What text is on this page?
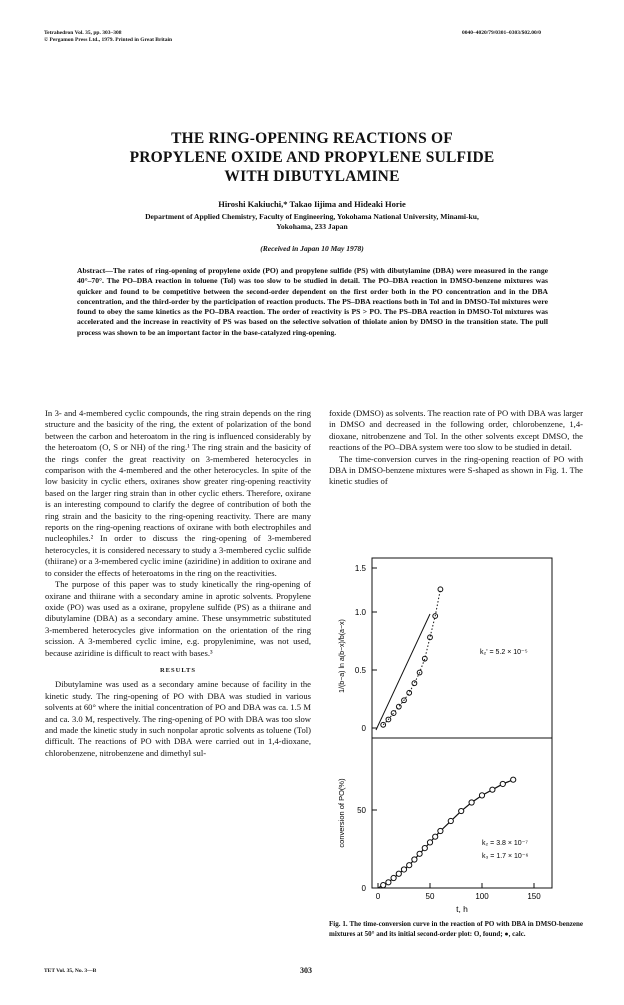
Tetrahedron Vol. 35, pp. 303–308
© Pergamon Press Ltd., 1979. Printed in Great Britain
0040–4020/79/0301–0303/$02.00/0
THE RING-OPENING REACTIONS OF
PROPYLENE OXIDE AND PROPYLENE SULFIDE
WITH DIBUTYLAMINE
Hiroshi Kakiuchi,* Takao Iijima and Hideaki Horie
Department of Applied Chemistry, Faculty of Engineering, Yokohama National University, Minami-ku,
Yokohama, 233 Japan
(Received in Japan 10 May 1978)
Abstract—The rates of ring-opening of propylene oxide (PO) and propylene sulfide (PS) with dibutylamine (DBA) were measured in the range 40°–70°. The PO–DBA reaction in toluene (Tol) was too slow to be studied in detail. The PO–DBA reaction in DMSO-benzene mixtures was quicker and found to be competitive between the second-order dependent on the first order both in the PO concentration and in the DBA concentration, and the third-order by the participation of reaction products. The PS–DBA reactions both in Tol and in DMSO-Tol mixtures were found to obey the same kinetics as the PO–DBA reaction. The order of reactivity is PS > PO. The PS–DBA reaction in DMSO-Tol mixtures was accelerated and the increase in reactivity of PS was based on the selective solvation of thiolate anion by DMSO in the transition state. The pull process was shown to be an important factor in the base-catalyzed ring-opening.

In 3- and 4-membered cyclic compounds, the ring strain depends on the ring structure and the basicity of the ring, the extent of polarization of the bond between the carbon and heteroatom in the ring is influenced considerably by the heteroatom (O, S or NH) of the ring.¹ The ring strain and the basicity of the rings confer the great reactivity on 3-membered heterocycles in comparison with the 4-membered and the other heterocycles. In spite of the low basicity in cyclic ethers, oxiranes show greater ring-opening reactivity based on the larger ring strain than in other cyclic ethers. Therefore, oxirane is an interesting compound to clarify the degree of contribution of both the ring strain and the basicity to the ring-opening reactivity. There are many reports on the ring-opening reactions of oxirane with both electrophiles and nucleophiles.² In order to discuss the ring-opening of 3-membered heterocycles, it is considered necessary to study a 3-membered cyclic sulfide (thiirane) or a 3-membered cyclic imine (aziridine) in addition to oxirane and to consider the effects of heteroatoms in the ring on the reactivities.

The purpose of this paper was to study kinetically the ring-opening of oxirane and thiirane with a secondary amine in aprotic solvents. Propylene oxide (PO) was used as a oxirane, propylene sulfide (PS) as a thiirane and dibutylamine (DBA) as a secondary amine. These unsymmetric substituted 3-membered heterocycles give information on the orientation of the ring scission. A 3-membered cyclic imine, e.g. propylenimine, was not used, because aziridine is difficult to react with bases.³

RESULTS

Dibutylamine was used as a secondary amine because of facility in the kinetic study. The ring-opening of PO with DBA was studied in various solvents at 60° where the initial concentration of PO and DBA was ca. 1.5 M and ca. 3.0 M, respectively. The ring-opening of PO with DBA was too slow and made the kinetic study in such nonpolar aprotic solvents as toluene (Tol) difficult. The reactions of PO with DBA were carried out in 1,4-dioxane, chlorobenzene, nitrobenzene and dimethyl sul-

foxide (DMSO) as solvents. The reaction rate of PO with DBA was larger in DMSO and decreased in the following order, chlorobenzene, 1,4-dioxane, nitrobenzene and Tol. In the other solvents except DMSO, the reactions of the PO–DBA system were too slow to be studied in detail.

The time-conversion curves in the ring-opening reaction of PO with DBA in DMSO-benzene mixtures were S-shaped as shown in Fig. 1. The kinetic studies of

0
0.5
1.0
1.5
1/(b−a) ln a(b−x)/b(a−x)	k₂' = 5.2 × 10⁻⁵
50
0
conversion of PO(%)	k₂ = 3.8 × 10⁻⁷
k₃ = 1.7 × 10⁻⁶
0	50	100	150
t, h
Fig. 1. The time-conversion curve in the reaction of PO with DBA in DMSO-benzene mixtures at 50° and its initial second-order plot: O, found; ●, calc.
TET Vol. 35, No. 3—B	303
